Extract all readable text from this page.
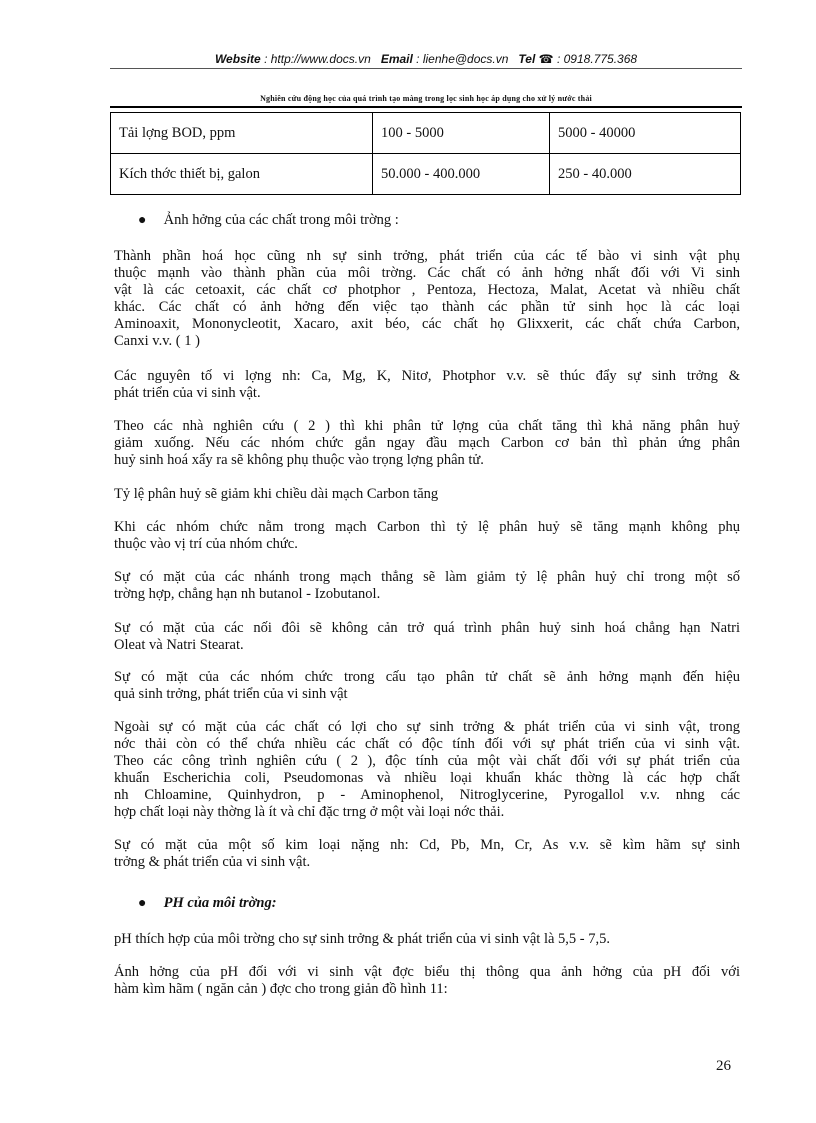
Website : http://www.docs.vn Email : lienhe@docs.vn Tel ☎ : 0918.775.368
Nghiên cứu động học của quá trình tạo màng trong lọc sinh học áp dụng cho xử lý nước thải
Tải lợng BOD, ppm	100 - 5000	5000 - 40000
Kích thớc thiết bị, galon	50.000 - 400.000	250 - 40.000
● Ảnh hởng của các chất trong môi trờng :
Thành phần hoá học cũng nh sự sinh trởng, phát triển của các tế bào vi sinh vật phụ
thuộc mạnh vào thành phần của môi trờng. Các chất có ảnh hởng nhất đối với Vi sinh
vật là các cetoaxit, các chất cơ photphor , Pentoza, Hectoza, Malat, Acetat và nhiều chất
khác. Các chất có ảnh hởng đến việc tạo thành các phần tử sinh học là các loại
Aminoaxit, Mononycleotit, Xacaro, axit béo, các chất họ Glixxerit, các chất chứa Carbon,
Canxi v.v. ( 1 )
Các nguyên tố vi lợng nh: Ca, Mg, K, Nitơ, Photphor v.v. sẽ thúc đẩy sự sinh trởng &
phát triển của vi sinh vật.
Theo các nhà nghiên cứu ( 2 ) thì khi phân tử lợng của chất tăng thì khả năng phân huỷ
giảm xuống. Nếu các nhóm chức gắn ngay đầu mạch Carbon cơ bản thì phản ứng phân
huỷ sinh hoá xẩy ra sẽ không phụ thuộc vào trọng lợng phân tử.
Tỷ lệ phân huỷ sẽ giảm khi chiều dài mạch Carbon tăng
Khi các nhóm chức nằm trong mạch Carbon thì tỷ lệ phân huỷ sẽ tăng mạnh không phụ
thuộc vào vị trí của nhóm chức.
Sự có mặt của các nhánh trong mạch thẳng sẽ làm giảm tỷ lệ phân huỷ chỉ trong một số
trờng hợp, chẳng hạn nh butanol - Izobutanol.
Sự có mặt của các nối đôi sẽ không cản trở quá trình phân huỷ sinh hoá chẳng hạn Natri
Oleat và Natri Stearat.
Sự có mặt của các nhóm chức trong cấu tạo phân tử chất sẽ ảnh hởng mạnh đến hiệu
quả sinh trởng, phát triển của vi sinh vật
Ngoài sự có mặt của các chất có lợi cho sự sinh trởng & phát triển của vi sinh vật, trong
nớc thải còn có thể chứa nhiều các chất có độc tính đối với sự phát triển của vi sinh vật.
Theo các công trình nghiên cứu ( 2 ), độc tính của một vài chất đối với sự phát triển của
khuẩn Escherichia coli, Pseudomonas và nhiều loại khuẩn khác thờng là các hợp chất
nh Chloamine, Quinhydron, p - Aminophenol, Nitroglycerine, Pyrogallol v.v. nhng các
hợp chất loại này thờng là ít và chỉ đặc trng ở một vài loại nớc thải.
Sự có mặt của một số kim loại nặng nh: Cd, Pb, Mn, Cr, As v.v. sẽ kìm hãm sự sinh
trởng & phát triển của vi sinh vật.
● PH của môi trờng:
pH thích hợp của môi trờng cho sự sinh trởng & phát triển của vi sinh vật là 5,5 - 7,5.
Ảnh hởng của pH đối với vi sinh vật đợc biểu thị thông qua ảnh hởng của pH đối với
hàm kìm hãm ( ngăn cản ) đợc cho trong giản đồ hình 11:
26
